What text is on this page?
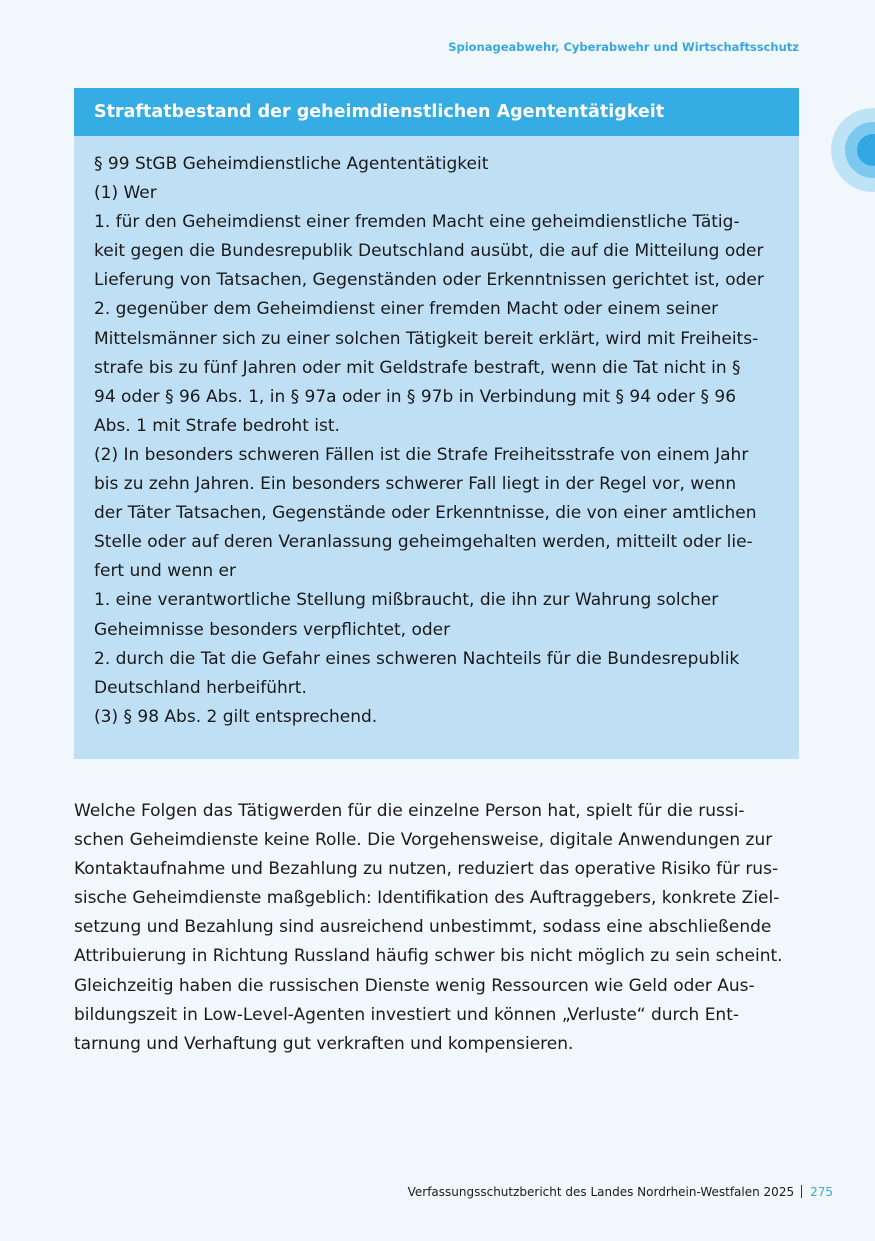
Spionageabwehr, Cyberabwehr und Wirtschaftsschutz
Straftatbestand der geheimdienstlichen Agententätigkeit
§ 99 StGB Geheimdienstliche Agententätigkeit
(1) Wer
1. für den Geheimdienst einer fremden Macht eine geheimdienstliche Tätig-
keit gegen die Bundesrepublik Deutschland ausübt, die auf die Mitteilung oder
Lieferung von Tatsachen, Gegenständen oder Erkenntnissen gerichtet ist, oder
2. gegenüber dem Geheimdienst einer fremden Macht oder einem seiner
Mittelsmänner sich zu einer solchen Tätigkeit bereit erklärt, wird mit Freiheits-
strafe bis zu fünf Jahren oder mit Geldstrafe bestraft, wenn die Tat nicht in §
94 oder § 96 Abs. 1, in § 97a oder in § 97b in Verbindung mit § 94 oder § 96
Abs. 1 mit Strafe bedroht ist.
(2) In besonders schweren Fällen ist die Strafe Freiheitsstrafe von einem Jahr
bis zu zehn Jahren. Ein besonders schwerer Fall liegt in der Regel vor, wenn
der Täter Tatsachen, Gegenstände oder Erkenntnisse, die von einer amtlichen
Stelle oder auf deren Veranlassung geheimgehalten werden, mitteilt oder lie-
fert und wenn er
1. eine verantwortliche Stellung mißbraucht, die ihn zur Wahrung solcher
Geheimnisse besonders verpflichtet, oder
2. durch die Tat die Gefahr eines schweren Nachteils für die Bundesrepublik
Deutschland herbeiführt.
(3) § 98 Abs. 2 gilt entsprechend.
Welche Folgen das Tätigwerden für die einzelne Person hat, spielt für die russi-
schen Geheimdienste keine Rolle. Die Vorgehensweise, digitale Anwendungen zur
Kontaktaufnahme und Bezahlung zu nutzen, reduziert das operative Risiko für rus-
sische Geheimdienste maßgeblich: Identifikation des Auftraggebers, konkrete Ziel-
setzung und Bezahlung sind ausreichend unbestimmt, sodass eine abschließende
Attribuierung in Richtung Russland häufig schwer bis nicht möglich zu sein scheint.
Gleichzeitig haben die russischen Dienste wenig Ressourcen wie Geld oder Aus-
bildungszeit in Low-Level-Agenten investiert und können „Verluste“ durch Ent-
tarnung und Verhaftung gut verkraften und kompensieren.
Verfassungsschutzbericht des Landes Nordrhein-Westfalen 2025 275
